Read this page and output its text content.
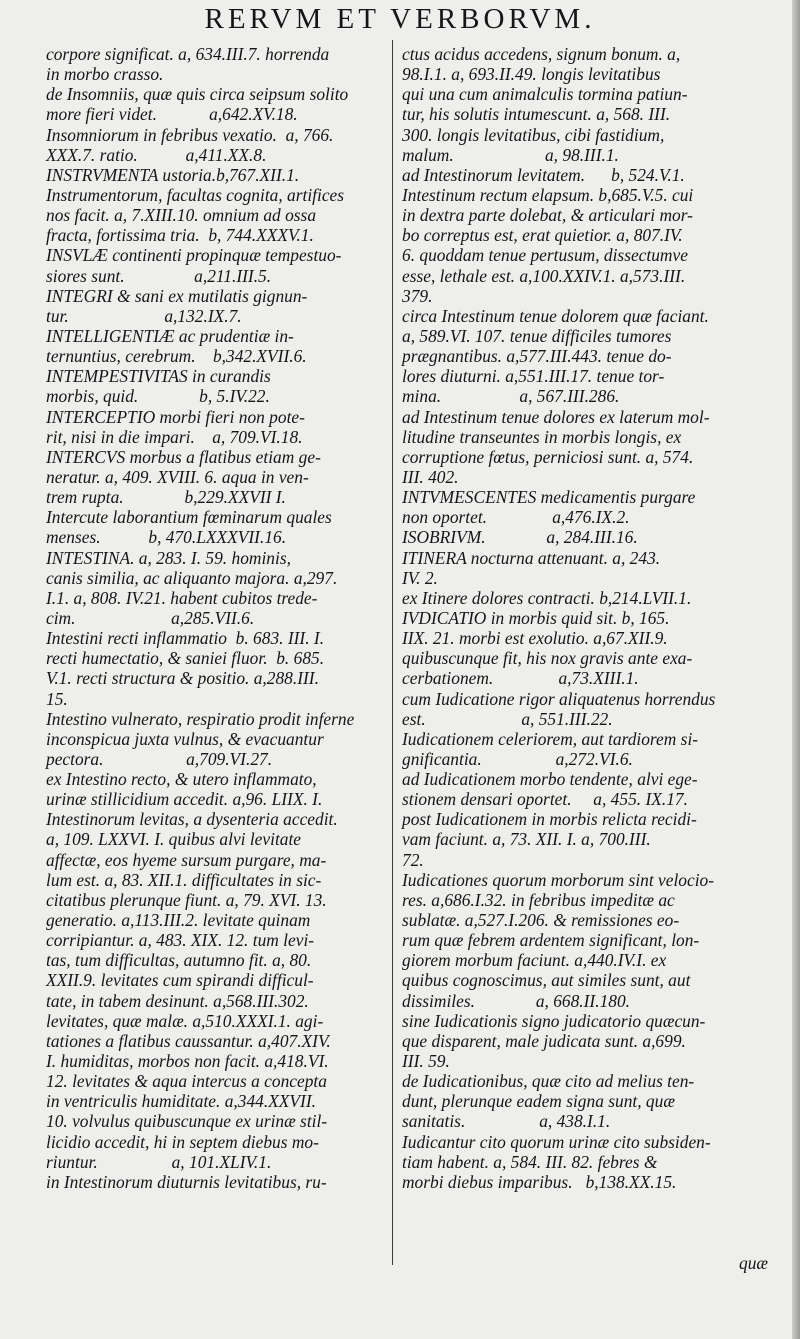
RERVM ET VERBORVM.
corpore significat. a, 634.III.7. horrenda
in morbo crasso.
de Insomniis, quæ quis circa seipsum solito
more fieri videt.            a,642.XV.18.
Insomniorum in febribus vexatio.  a, 766.
XXX.7. ratio.           a,411.XX.8.
INSTRVMENTA ustoria.b,767.XII.1.
Instrumentorum, facultas cognita, artifices
nos facit. a, 7.XIII.10. omnium ad ossa
fracta, fortissima tria.  b, 744.XXXV.1.
INSVLÆ continenti propinquæ tempestuo-
siores sunt.                a,211.III.5.
INTEGRI & sani ex mutilatis gignun-
tur.                      a,132.IX.7.
INTELLIGENTIÆ ac prudentiæ in-
ternuntius, cerebrum.    b,342.XVII.6.
INTEMPESTIVITAS in curandis
morbis, quid.              b, 5.IV.22.
INTERCEPTIO morbi fieri non pote-
rit, nisi in die impari.    a, 709.VI.18.
INTERCVS morbus a flatibus etiam ge-
neratur. a, 409. XVIII. 6. aqua in ven-
trem rupta.              b,229.XXVII I.
Intercute laborantium fœminarum quales
menses.           b, 470.LXXXVII.16.
INTESTINA. a, 283. I. 59. hominis,
canis similia, ac aliquanto majora. a,297.
I.1. a, 808. IV.21. habent cubitos trede-
cim.                      a,285.VII.6.
Intestini recti inflammatio  b. 683. III. I.
recti humectatio, & saniei fluor.  b. 685.
V.1. recti structura & positio. a,288.III.
15.
Intestino vulnerato, respiratio prodit inferne
inconspicua juxta vulnus, & evacuantur
pectora.                   a,709.VI.27.
ex Intestino recto, & utero inflammato,
urinæ stillicidium accedit. a,96. LIIX. I.
Intestinorum levitas, a dysenteria accedit.
a, 109. LXXVI. I. quibus alvi levitate
affectæ, eos hyeme sursum purgare, ma-
lum est. a, 83. XII.1. difficultates in sic-
citatibus plerunque fiunt. a, 79. XVI. 13.
generatio. a,113.III.2. levitate quinam
corripiantur. a, 483. XIX. 12. tum levi-
tas, tum difficultas, autumno fit. a, 80.
XXII.9. levitates cum spirandi difficul-
tate, in tabem desinunt. a,568.III.302.
levitates, quæ malæ. a,510.XXXI.1. agi-
tationes a flatibus caussantur. a,407.XIV.
I. humiditas, morbos non facit. a,418.VI.
12. levitates & aqua intercus a concepta
in ventriculis humiditate. a,344.XXVII.
10. volvulus quibuscunque ex urinæ stil-
licidio accedit, hi in septem diebus mo-
riuntur.                 a, 101.XLIV.1.
in Intestinorum diuturnis levitatibus, ru-
ctus acidus accedens, signum bonum. a,
98.I.1. a, 693.II.49. longis levitatibus
qui una cum animalculis tormina patiun-
tur, his solutis intumescunt. a, 568. III.
300. longis levitatibus, cibi fastidium,
malum.                     a, 98.III.1.
ad Intestinorum levitatem.      b, 524.V.1.
Intestinum rectum elapsum. b,685.V.5. cui
in dextra parte dolebat, & articulari mor-
bo correptus est, erat quietior. a, 807.IV.
6. quoddam tenue pertusum, dissectumve
esse, lethale est. a,100.XXIV.1. a,573.III.
379.
circa Intestinum tenue dolorem quæ faciant.
a, 589.VI. 107. tenue difficiles tumores
prægnantibus. a,577.III.443. tenue do-
lores diuturni. a,551.III.17. tenue tor-
mina.                  a, 567.III.286.
ad Intestinum tenue dolores ex laterum mol-
litudine transeuntes in morbis longis, ex
corruptione fœtus, perniciosi sunt. a, 574.
III. 402.
INTVMESCENTES medicamentis purgare
non oportet.               a,476.IX.2.
ISOBRIVM.              a, 284.III.16.
ITINERA nocturna attenuant. a, 243.
IV. 2.
ex Itinere dolores contracti. b,214.LVII.1.
IVDICATIO in morbis quid sit. b, 165.
IIX. 21. morbi est exolutio. a,67.XII.9.
quibuscunque fit, his nox gravis ante exa-
cerbationem.               a,73.XIII.1.
cum Iudicatione rigor aliquatenus horrendus
est.                      a, 551.III.22.
Iudicationem celeriorem, aut tardiorem si-
gnificantia.                 a,272.VI.6.
ad Iudicationem morbo tendente, alvi ege-
stionem densari oportet.     a, 455. IX.17.
post Iudicationem in morbis relicta recidi-
vam faciunt. a, 73. XII. I. a, 700.III.
72.
Iudicationes quorum morborum sint velocio-
res. a,686.I.32. in febribus impeditæ ac
sublatæ. a,527.I.206. & remissiones eo-
rum quæ febrem ardentem significant, lon-
giorem morbum faciunt. a,440.IV.I. ex
quibus cognoscimus, aut similes sunt, aut
dissimiles.              a, 668.II.180.
sine Iudicationis signo judicatorio quæcun-
que disparent, male judicata sunt. a,699.
III. 59.
de Iudicationibus, quæ cito ad melius ten-
dunt, plerunque eadem signa sunt, quæ
sanitatis.                 a, 438.I.1.
Iudicantur cito quorum urinæ cito subsiden-
tiam habent. a, 584. III. 82. febres &
morbi diebus imparibus.   b,138.XX.15.
quæ
